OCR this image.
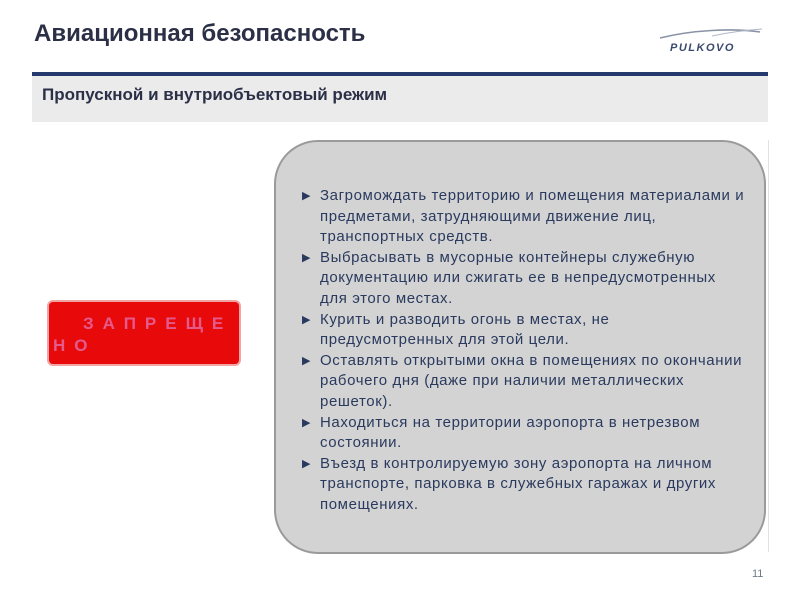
Авиационная безопасность
PULKOVO
Пропускной и внутриобъектовый режим
ЗАПРЕЩЕНО
▶ Загромождать территорию и помещения материалами и предметами, затрудняющими движение лиц, транспортных средств.
▶ Выбрасывать в мусорные контейнеры служебную документацию или сжигать ее в непредусмотренных для этого местах.
▶ Курить и разводить огонь в местах, не предусмотренных для этой цели.
▶ Оставлять открытыми окна в помещениях по окончании рабочего дня (даже при наличии металлических решеток).
▶ Находиться на территории аэропорта в нетрезвом состоянии.
▶ Въезд в контролируемую зону аэропорта на личном транспорте, парковка в служебных гаражах и других помещениях.
11
